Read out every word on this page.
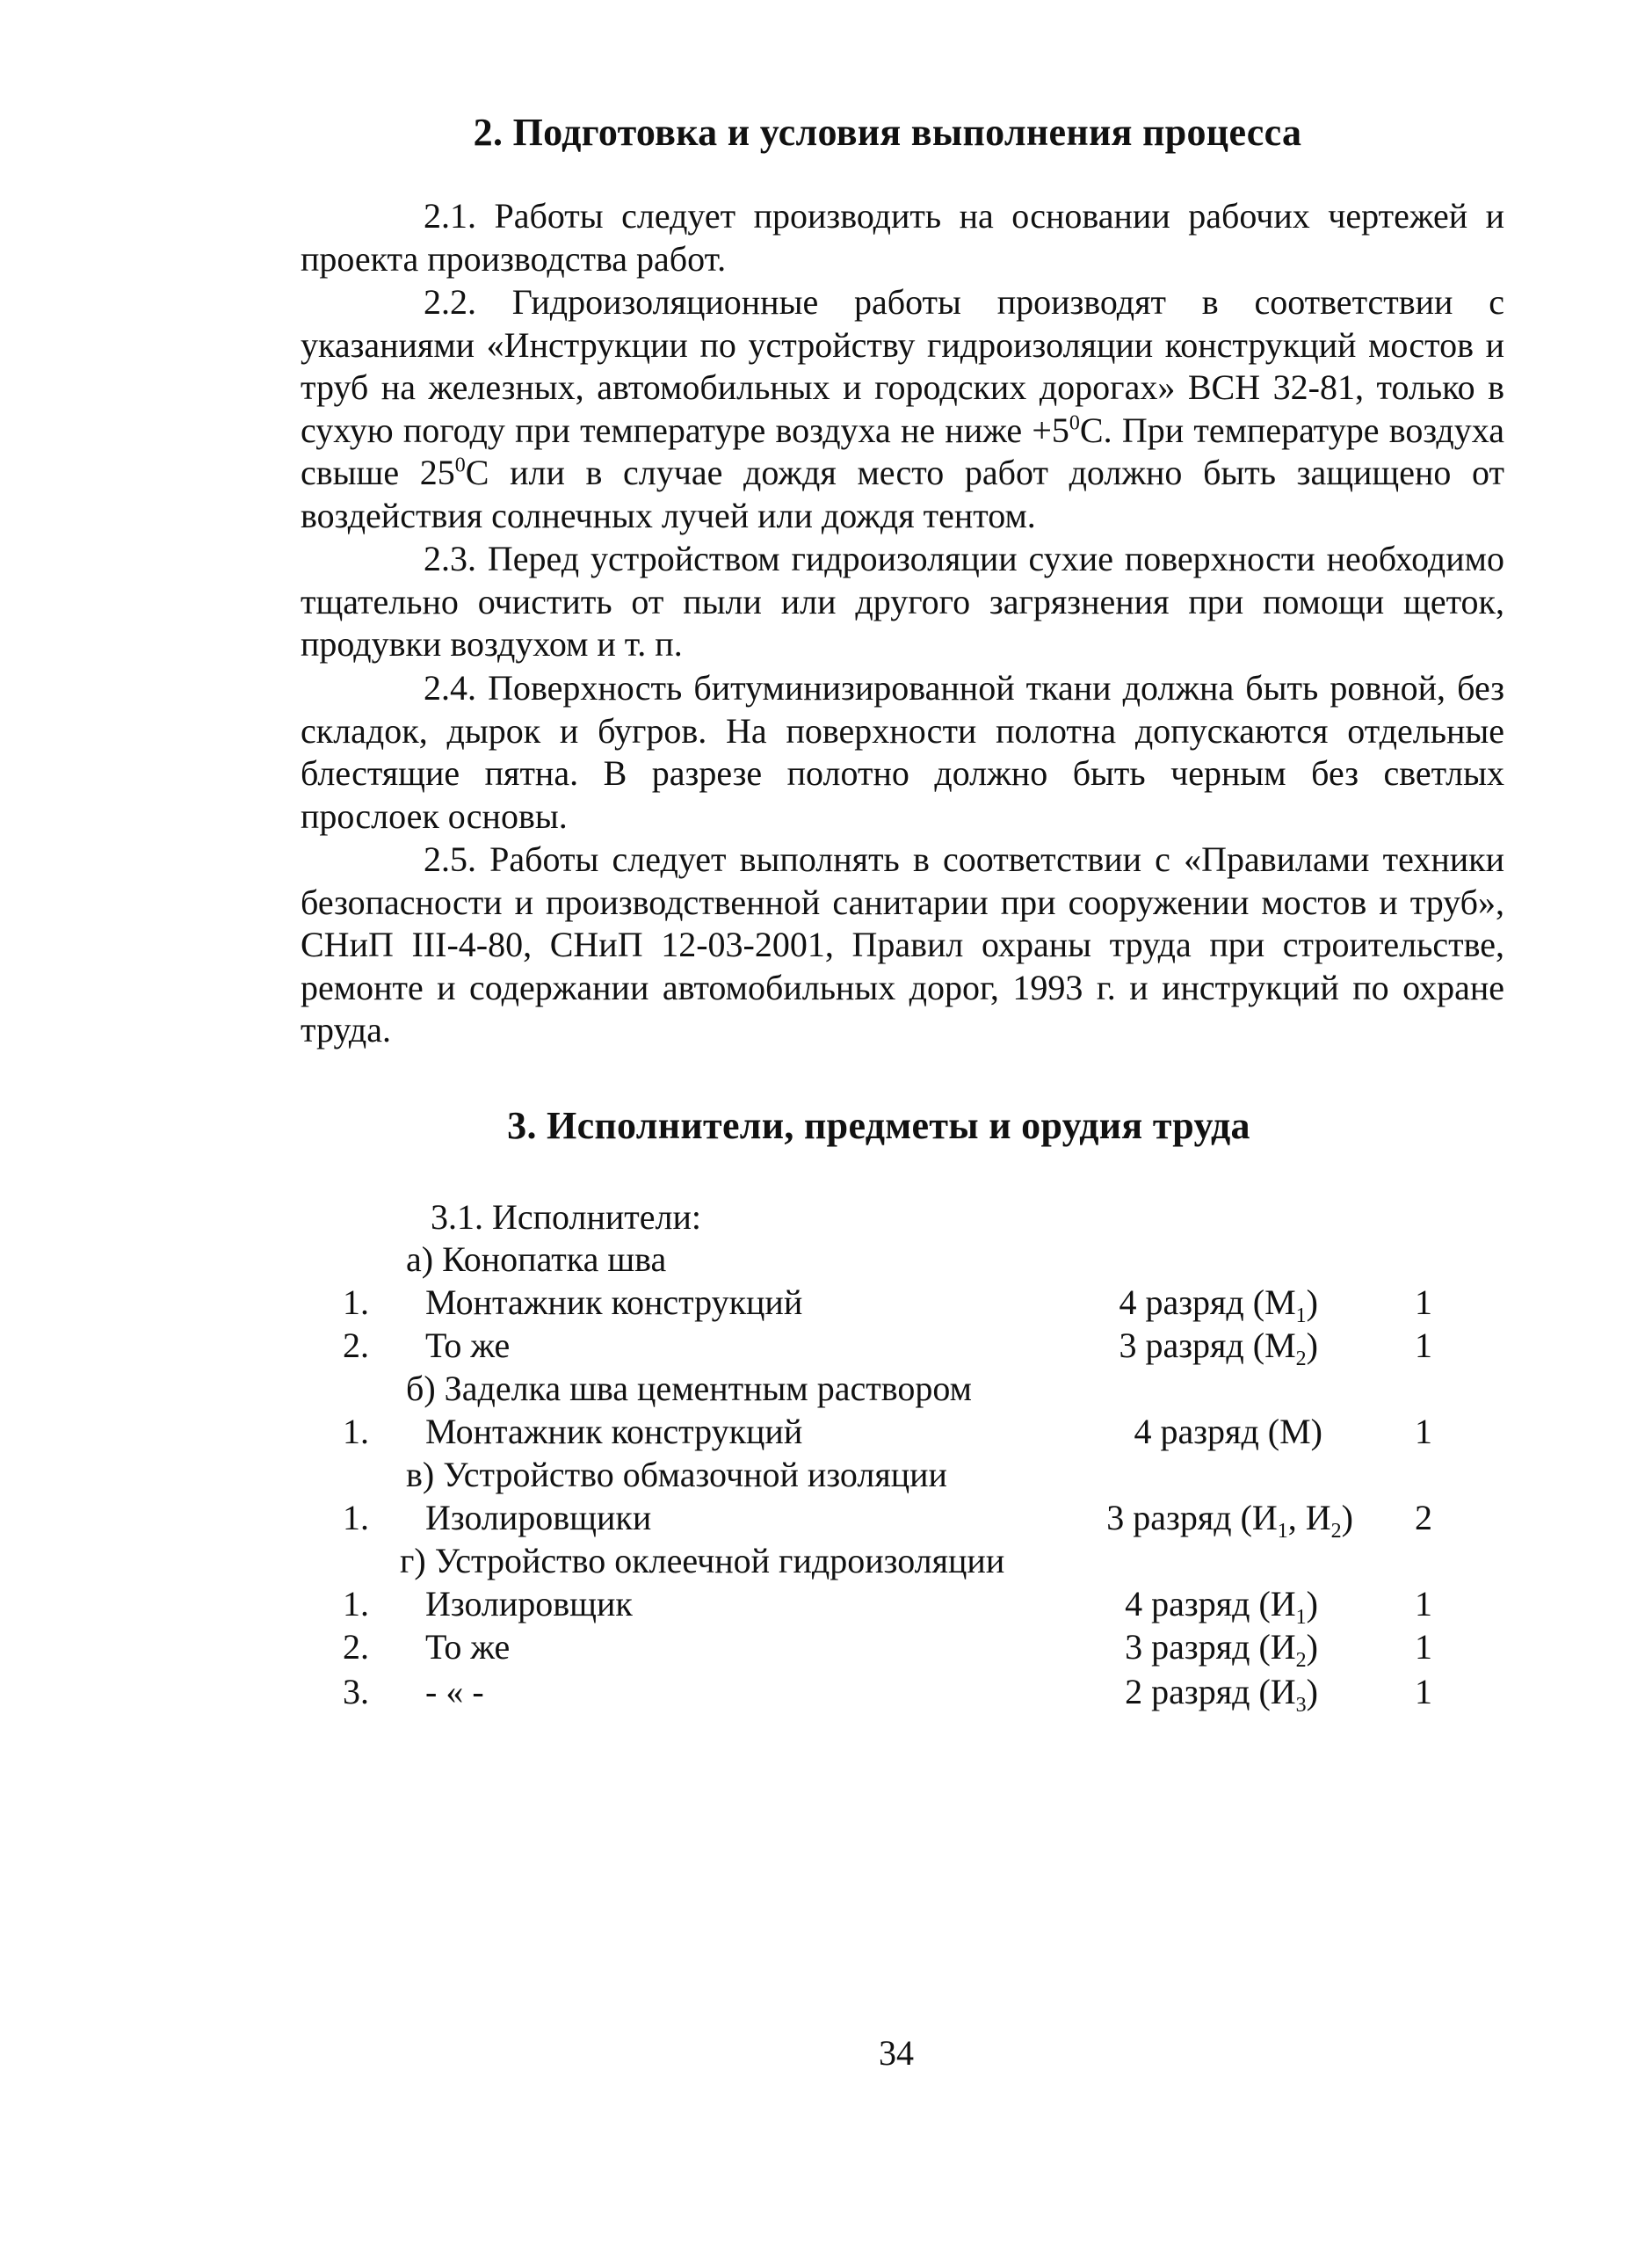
2. Подготовка и условия выполнения процесса

2.1. Работы следует производить на основании рабочих чертежей и проекта производства работ.

2.2. Гидроизоляционные работы производят в соответствии с указаниями «Инструкции по устройству гидроизоляции конструкций мостов и труб на железных, автомобильных и городских дорогах» ВСН 32-81, только в сухую погоду при температуре воздуха не ниже $+5^0С$. При температуре воздуха свыше $25^0С$ или в случае дождя место работ должно быть защищено от воздействия солнечных лучей или дождя тентом.

2.3. Перед устройством гидроизоляции сухие поверхности необходимо тщательно очистить от пыли или другого загрязнения при помощи щеток, продувки воздухом и т. п.

2.4. Поверхность битуминизированной ткани должна быть ровной, без складок, дырок и бугров. На поверхности полотна допускаются отдельные блестящие пятна. В разрезе полотно должно быть черным без светлых прослоек основы.

2.5. Работы следует выполнять в соответствии с «Правилами техники безопасности и производственной санитарии при сооружении мостов и труб», СНиП III-4-80, СНиП 12-03-2001, Правил охраны труда при строительстве, ремонте и содержании автомобильных дорог, 1993 г. и инструкций по охране труда.

3. Исполнители, предметы и орудия труда
3.1. Исполнители:
а) Конопатка шва
1. Монтажник конструкций	4 разряд $(М_1)$	1
2. То же	3 разряд $(М_2)$	1
б) Заделка шва цементным раствором
1. Монтажник конструкций	4 разряд (М)	1
в) Устройство обмазочной изоляции
1. Изолировщики	3 разряд ($И_1$, $И_2$) 2
г) Устройство оклеечной гидроизоляции
1. Изолировщик	4 разряд $(И_1)$	1
2. То же	3 разряд $(И_2)$	1
3. - « -	2 разряд $(И_3)$	1
34
